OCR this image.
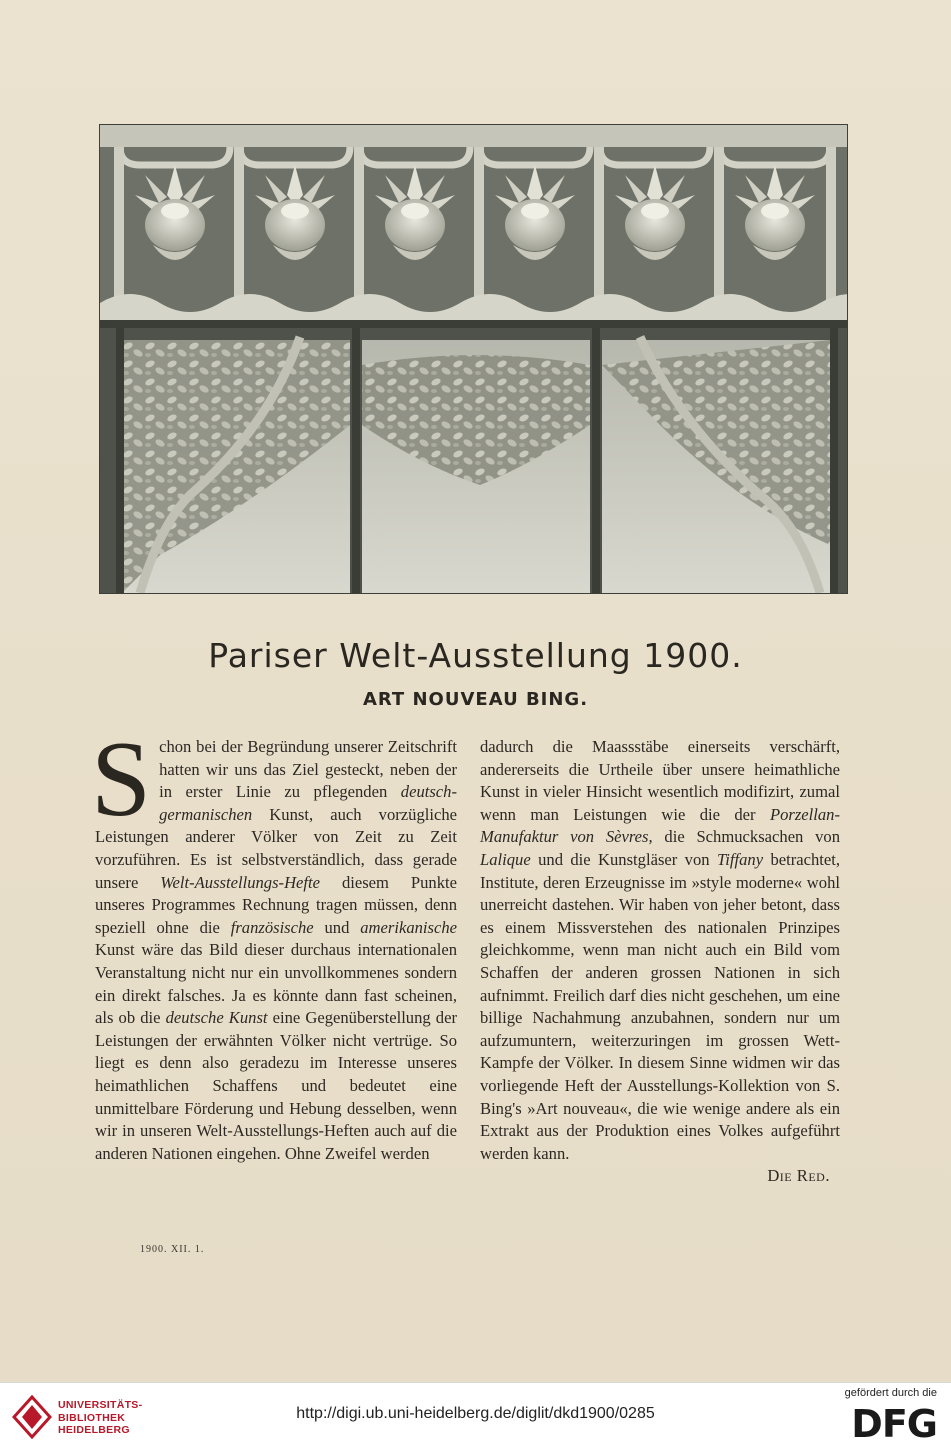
Pariser Welt-Ausstellung 1900.
ART NOUVEAU BING.
S chon bei der Begründung unserer Zeitschrift hatten wir uns das Ziel gesteckt, neben der in erster Linie zu pflegenden deutsch-germanischen Kunst, auch vorzügliche Leistungen anderer Völker von Zeit zu Zeit vorzuführen. Es ist selbstverständlich, dass gerade unsere Welt-Ausstellungs-Hefte diesem Punkte unseres Programmes Rechnung tragen müssen, denn speziell ohne die französische und amerikanische Kunst wäre das Bild dieser durchaus internationalen Veranstaltung nicht nur ein unvollkommenes sondern ein direkt falsches. Ja es könnte dann fast scheinen, als ob die deutsche Kunst eine Gegenüberstellung der Leistungen der erwähnten Völker nicht vertrüge. So liegt es denn also geradezu im Interesse unseres heimathlichen Schaffens und bedeutet eine unmittelbare Förderung und Hebung desselben, wenn wir in unseren Welt-Ausstellungs-Heften auch auf die anderen Nationen eingehen. Ohne Zweifel werden

dadurch die Maassstäbe einerseits verschärft, andererseits die Urtheile über unsere heimathliche Kunst in vieler Hinsicht wesentlich modifizirt, zumal wenn man Leistungen wie die der Porzellan-Manufaktur von Sèvres, die Schmucksachen von Lalique und die Kunstgläser von Tiffany betrachtet, Institute, deren Erzeugnisse im »style moderne« wohl unerreicht dastehen. Wir haben von jeher betont, dass es einem Missverstehen des nationalen Prinzipes gleichkomme, wenn man nicht auch ein Bild vom Schaffen der anderen grossen Nationen in sich aufnimmt. Freilich darf dies nicht geschehen, um eine billige Nachahmung anzubahnen, sondern nur um aufzumuntern, weiterzuringen im grossen Wett-Kampfe der Völker. In diesem Sinne widmen wir das vorliegende Heft der Ausstellungs-Kollektion von S. Bing's »Art nouveau«, die wie wenige andere als ein Extrakt aus der Produktion eines Volkes aufgeführt werden kann.

Die Red.
1900. XII. 1.
UNIVERSITÄTS-
BIBLIOTHEK
HEIDELBERG
http://digi.ub.uni-heidelberg.de/diglit/dkd1900/0285
gefördert durch die
DFG
